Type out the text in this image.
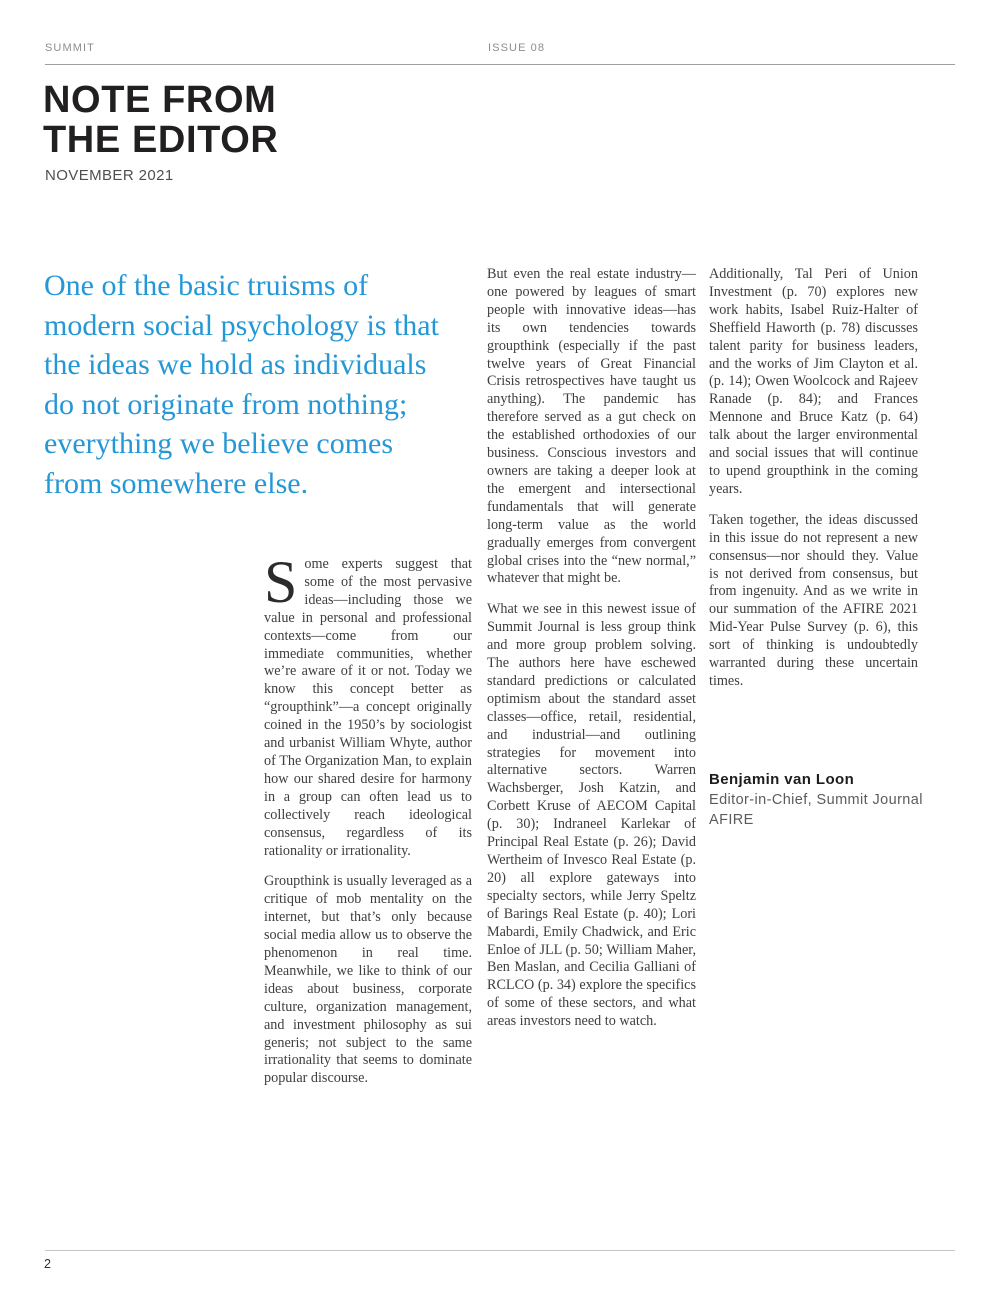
SUMMIT	ISSUE 08
NOTE FROM
THE EDITOR
NOVEMBER 2021
One of the basic truisms of modern social psychology is that the ideas we hold as individuals do not originate from nothing; everything we believe comes from somewhere else.

Some experts suggest that some of the most pervasive ideas—including those we value in personal and professional contexts—come from our immediate communities, whether we’re aware of it or not. Today we know this concept better as “groupthink”—a concept originally coined in the 1950’s by sociologist and urbanist William Whyte, author of The Organization Man, to explain how our shared desire for harmony in a group can often lead us to collectively reach ideological consensus, regardless of its rationality or irrationality.

Groupthink is usually leveraged as a critique of mob mentality on the internet, but that’s only because social media allow us to observe the phenomenon in real time. Meanwhile, we like to think of our ideas about business, corporate culture, organization management, and investment philosophy as sui generis; not subject to the same irrationality that seems to dominate popular discourse.

But even the real estate industry—one powered by leagues of smart people with innovative ideas—has its own tendencies towards groupthink (especially if the past twelve years of Great Financial Crisis retrospectives have taught us anything). The pandemic has therefore served as a gut check on the established orthodoxies of our business. Conscious investors and owners are taking a deeper look at the emergent and intersectional fundamentals that will generate long-term value as the world gradually emerges from convergent global crises into the “new normal,” whatever that might be.

What we see in this newest issue of Summit Journal is less group think and more group problem solving. The authors here have eschewed standard predictions or calculated optimism about the standard asset classes—office, retail, residential, and industrial—and outlining strategies for movement into alternative sectors. Warren Wachsberger, Josh Katzin, and Corbett Kruse of AECOM Capital (p. 30); Indraneel Karlekar of Principal Real Estate (p. 26); David Wertheim of Invesco Real Estate (p. 20) all explore gateways into specialty sectors, while Jerry Speltz of Barings Real Estate (p. 40); Lori Mabardi, Emily Chadwick, and Eric Enloe of JLL (p. 50; William Maher, Ben Maslan, and Cecilia Galliani of RCLCO (p. 34) explore the specifics of some of these sectors, and what areas investors need to watch.

Additionally, Tal Peri of Union Investment (p. 70) explores new work habits, Isabel Ruiz-Halter of Sheffield Haworth (p. 78) discusses talent parity for business leaders, and the works of Jim Clayton et al. (p. 14); Owen Woolcock and Rajeev Ranade (p. 84); and Frances Mennone and Bruce Katz (p. 64) talk about the larger environmental and social issues that will continue to upend groupthink in the coming years.

Taken together, the ideas discussed in this issue do not represent a new consensus—nor should they. Value is not derived from consensus, but from ingenuity. And as we write in our summation of the AFIRE 2021 Mid-Year Pulse Survey (p. 6), this sort of thinking is undoubtedly warranted during these uncertain times.

Benjamin van Loon
Editor-in-Chief, Summit Journal
AFIRE
2
